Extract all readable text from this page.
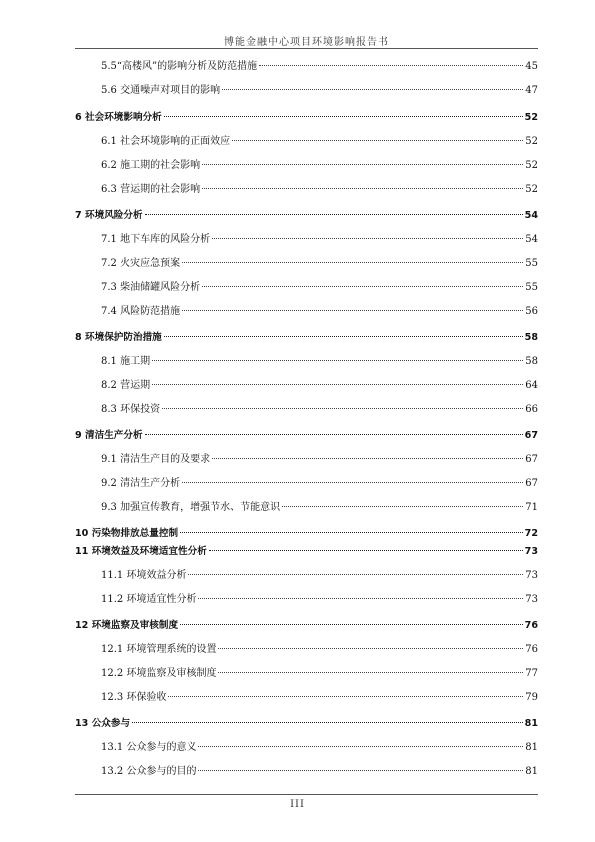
博能金融中心项目环境影响报告书
5.5“高楼风”的影响分析及防范措施	45
5.6 交通噪声对项目的影响	47
6 社会环境影响分析	52
6.1 社会环境影响的正面效应	52
6.2 施工期的社会影响	52
6.3 营运期的社会影响	52
7 环境风险分析	54
7.1 地下车库的风险分析	54
7.2 火灾应急预案	55
7.3 柴油储罐风险分析	55
7.4 风险防范措施	56
8 环境保护防治措施	58
8.1 施工期	58
8.2 营运期	64
8.3 环保投资	66
9 清洁生产分析	67
9.1 清洁生产目的及要求	67
9.2 清洁生产分析	67
9.3 加强宣传教育，增强节水、节能意识	71
10 污染物排放总量控制	72
11 环境效益及环境适宜性分析	73
11.1 环境效益分析	73
11.2 环境适宜性分析	73
12 环境监察及审核制度	76
12.1 环境管理系统的设置	76
12.2 环境监察及审核制度	77
12.3 环保验收	79
13 公众参与	81
13.1 公众参与的意义	81
13.2 公众参与的目的	81
III
